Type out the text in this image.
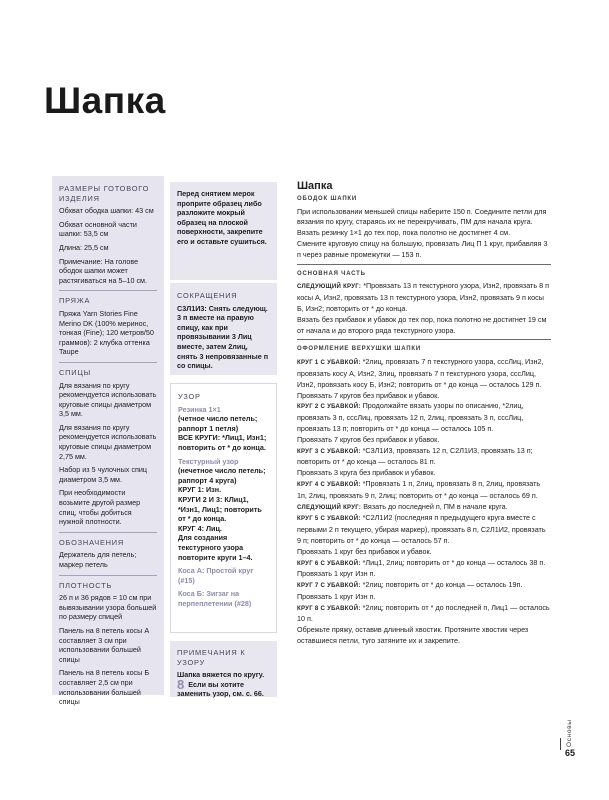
Шапка
РАЗМЕРЫ ГОТОВОГО ИЗДЕЛИЯ
Обхват ободка шапки: 43 см
Обхват основной части шапки: 53,5 см
Длина: 25,5 см
Примечание: На голове ободок шапки может растягиваться на 5–10 см.
ПРЯЖА
Пряжа Yarn Stories Fine Merino DK (100% мериноc, тонкая (Fine); 120 метров/50 граммов): 2 клубка оттенка Taupe
СПИЦЫ
Для вязания по кругу рекомендуется использовать круговые спицы диаметром 3,5 мм.
Для вязания по кругу рекомендуется использовать круговые спицы диаметром 2,75 мм.
Набор из 5 чулочных спиц диаметром 3,5 мм.
При необходимости возьмите другой размер спиц, чтобы добиться нужной плотности.
ОБОЗНАЧЕНИЯ
Держатель для петель; маркер петель
ПЛОТНОСТЬ
26 п и 36 рядов = 10 см при вывязывании узора большей по размеру спицей
Панель на 8 петель косы А составляет 3 см при использовании большей спицы
Панель на 8 петель косы Б составляет 2,5 см при использовании большей спицы
Перед снятием мерок проприте образец либо разложите мокрый образец на плоской поверхности, закрепите его и оставьте сушиться.
СОКРАЩЕНИЯ
С3Л1И3: Снять следующ. 3 п вместе на правую спицу, как при провязывании 3 Лиц вместе, затем 2лиц, снять 3 непровязанные п со спицы.
УЗОР
Резинка 1×1
(четное число петель; раппорт 1 петля)
ВСЕ КРУГИ: *Лиц1, Изн1; повторить от * до конца.
Текстурный узор
(нечетное число петель; раппорт 4 круга)
КРУГ 1: Изн.
КРУГИ 2 И 3: КЛиц1, *Изн1, Лиц1; повторить от * до конца.
КРУГ 4: Лиц.
Для создания текстурного узора повторите круги 1–4.
Коса А: Простой круг (#15)
Коса Б: Зигзаг на перпеплетении (#28)
ПРИМЕЧАНИЯ К УЗОРУ
Шапка вяжется по кругу.
8 Если вы хотите заменить узор, см. с. 66.
Шапка
ОБОДОК ШАПКИ
При использовании меньшей спицы наберите 150 п. Соедините петли для вязания по кругу, стараясь их не перекручивать, ПМ для начала круга.
Вязать резинку 1×1 до тех пор, пока полотно не достигнет 4 см.
Смените круговую спицу на большую, провязать Лиц П 1 круг, прибавляя 3 п через равные промежутки — 153 п.
ОСНОВНАЯ ЧАСТЬ
СЛЕДУЮЩИЙ КРУГ: *Провязать 13 п текстурного узора, Изн2, провязать 8 п косы А, Изн2, провязать 13 п текстурного узора, Изн2, провязать 9 п косы Б, Изн2; повторить от * до конца.
Вязать без прибавок и убавок до тех пор, пока полотно не достигнет 19 см от начала и до второго ряда текстурного узора.
ОФОРМЛЕНИЕ ВЕРХУШКИ ШАПКИ
КРУГ 1 С УБАВКОЙ: *2лиц, провязать 7 п текстурного узора, сссЛиц, Изн2, провязать косу А, Изн2, 3лиц, провязать 7 п текстурного узора, сссЛиц, Изн2, провязать косу Б, Изн2; повторить от * до конца — осталось 129 п.
Провязать 7 кругов без прибавок и убавок.
КРУГ 2 С УБАВКОЙ: Продолжайте вязать узоры по описанию, *2лиц, провязать 3 п, сссЛиц, провязать 12 п, 2лиц, провязать 3 п, сссЛиц, провязать 13 п; повторить от * до конца — осталось 105 п.
Провязать 7 кругов без прибавок и убавок.
КРУГ 3 С УБАВКОЙ: *С3Л1И3, провязать 12 п, С2Л1И3, провязать 13 п; повторить от * до конца — осталось 81 п.
Провязать 3 круга без прибавок и убавок.
КРУГ 4 С УБАВКОЙ: *Провязать 1 п, 2лиц, провязать 8 п, 2лиц, провязать 1п, 2лиц, провязать 9 п, 2лиц; повторить от * до конца — осталось 69 п.
СЛЕДУЮЩИЙ КРУГ: Вязать до последней п, ПМ в начале круга.
КРУГ 5 С УБАВКОЙ: *С2Л1И2 (последняя п предыдущего круга вместе с первыми 2 п текущего, убирая маркер), провязать 8 п, С2Л1И2, провязать 9 п; повторить от * до конца — осталось 57 п.
Провязать 1 круг без прибавок и убавок.
КРУГ 6 С УБАВКОЙ: *Лиц1, 2лиц; повторить от * до конца — осталось 38 п.
Провязать 1 круг Изн п.
КРУГ 7 С УБАВКОЙ: *2лиц; повторить от * до конца — осталось 19п.
Провязать 1 круг Изн п.
КРУГ 8 С УБАВКОЙ: *2лиц; повторить от * до последней п, Лиц1 — осталось 10 п.
Обрежьте пряжу, оставив длинный хвостик. Протяните хвостик через оставшиеся петли, туго затяните их и закрепите.
Основы
65
